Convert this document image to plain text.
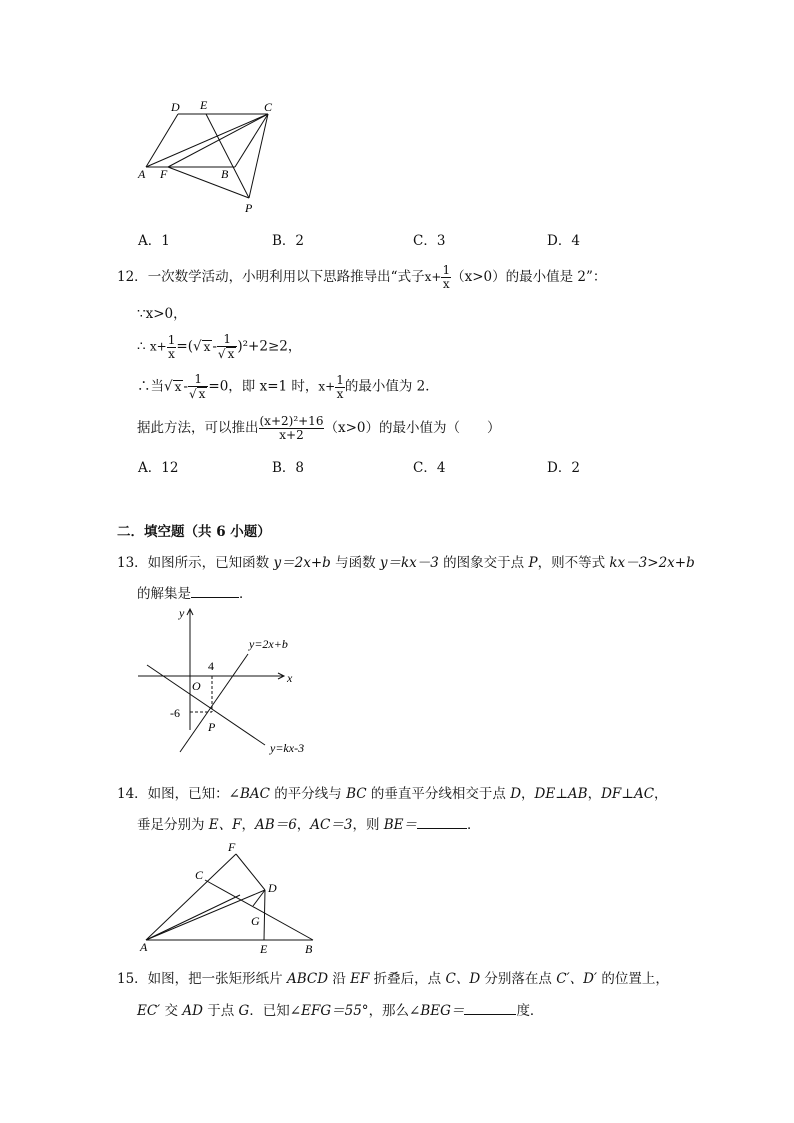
D E	C
A F	B
P
A．1	B．2	C．3	D．4
12．一次数学活动，小明利用以下思路推导出“式子$x+ \frac{1}{x} (x>0)$的最小值是 2”：
∵x>0，
∴ $x+ \frac{1}{x}$ =(√ $x - \frac{1}{√ x} )^2+2\ge 2$，
∴当√ $x - \frac{1}{√ x} =0$，即 x=1 时，$x+ \frac{1}{x}$ 的最小值为 2．
据此方法，可以推出 $\frac{\text{(x+2)²+16}}{x+2} (x>0)$的最小值为（　　）
A．12	B．8	C．4	D．2
二．填空题（共 6 小题）
13．如图所示，已知函数 y＝2x+b 与函数 y＝kx－3 的图象交于点 P，则不等式 kx－3>2x+b
的解集是	．
y
x
O
4
-6
P
y=2x+b
y=kx-3
14．如图，已知：∠BAC 的平分线与 BC 的垂直平分线相交于点 D，DE⊥AB，DF⊥AC，
垂足分别为 E、F，AB＝6，AC＝3，则 BE＝	．
F
C
D
G
A	E	B
15．如图，把一张矩形纸片 ABCD 沿 EF 折叠后，点 C、D 分别落在点 C′、D′ 的位置上，
EC′ 交 AD 于点 G．已知∠EFG＝55°，那么∠BEG＝	度．
